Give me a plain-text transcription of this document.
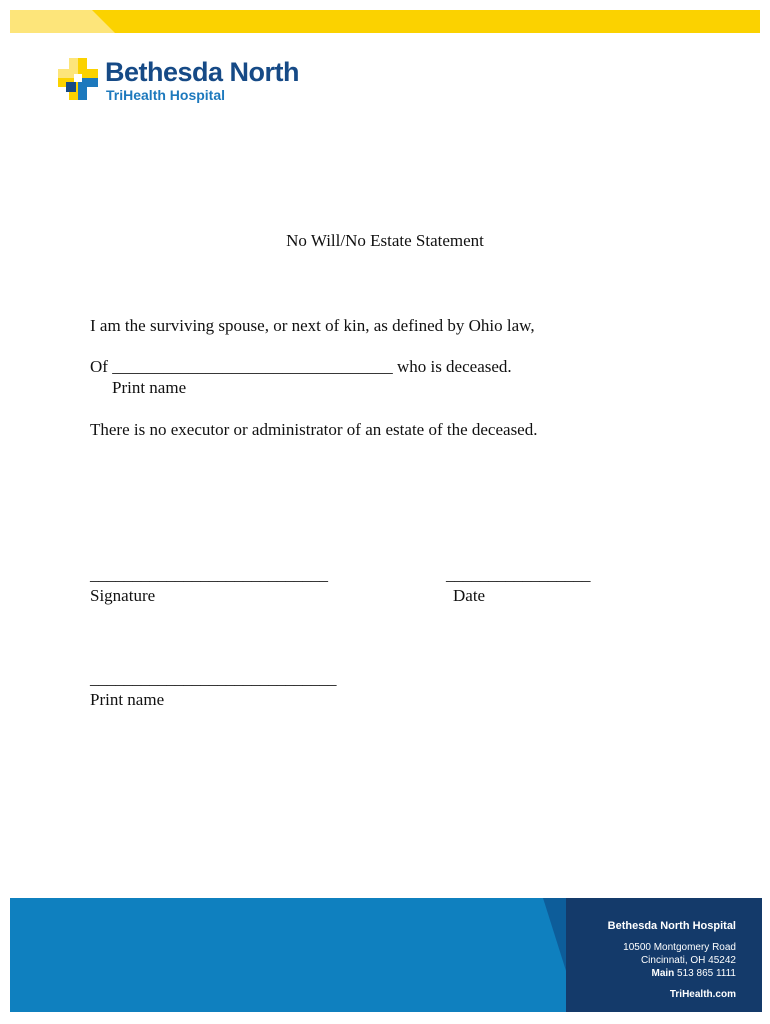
Bethesda North
TriHealth Hospital
No Will/No Estate Statement
I am the surviving spouse, or next of kin, as defined by Ohio law,
Of _________________________________ who is deceased.
Print name
There is no executor or administrator of an estate of the deceased.
____________________________
Signature
_________________
Date
_____________________________
Print name
Bethesda North Hospital
10500 Montgomery Road
Cincinnati, OH 45242
Main 513 865 1111
TriHealth.com
